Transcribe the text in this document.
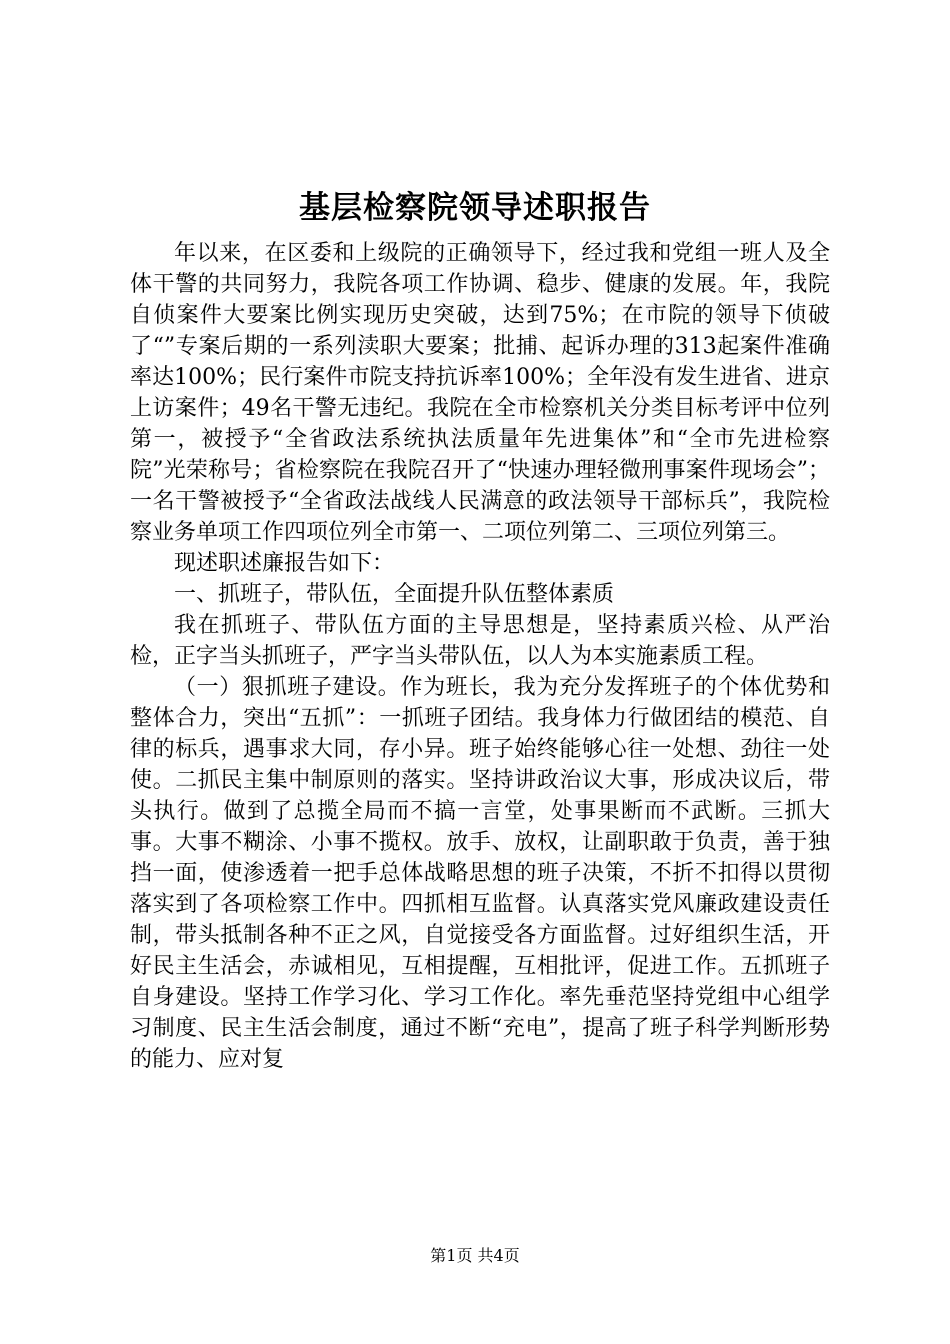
基层检察院领导述职报告

年以来，在区委和上级院的正确领导下，经过我和党组一班人及全体干警的共同努力，我院各项工作协调、稳步、健康的发展。年，我院自侦案件大要案比例实现历史突破，达到75%；在市院的领导下侦破了“”专案后期的一系列渎职大要案；批捕、起诉办理的313起案件准确率达100%；民行案件市院支持抗诉率100%；全年没有发生进省、进京上访案件；49名干警无违纪。我院在全市检察机关分类目标考评中位列第一，被授予“全省政法系统执法质量年先进集体”和“全市先进检察院”光荣称号；省检察院在我院召开了“快速办理轻微刑事案件现场会”；一名干警被授予“全省政法战线人民满意的政法领导干部标兵”，我院检察业务单项工作四项位列全市第一、二项位列第二、三项位列第三。

现述职述廉报告如下：

一、抓班子，带队伍，全面提升队伍整体素质

我在抓班子、带队伍方面的主导思想是，坚持素质兴检、从严治检，正字当头抓班子，严字当头带队伍，以人为本实施素质工程。

（一）狠抓班子建设。作为班长，我为充分发挥班子的个体优势和整体合力，突出“五抓”：一抓班子团结。我身体力行做团结的模范、自律的标兵，遇事求大同，存小异。班子始终能够心往一处想、劲往一处使。二抓民主集中制原则的落实。坚持讲政治议大事，形成决议后，带头执行。做到了总揽全局而不搞一言堂，处事果断而不武断。三抓大事。大事不糊涂、小事不揽权。放手、放权，让副职敢于负责，善于独挡一面，使渗透着一把手总体战略思想的班子决策，不折不扣得以贯彻落实到了各项检察工作中。四抓相互监督。认真落实党风廉政建设责任制，带头抵制各种不正之风，自觉接受各方面监督。过好组织生活，开好民主生活会，赤诚相见，互相提醒，互相批评，促进工作。五抓班子自身建设。坚持工作学习化、学习工作化。率先垂范坚持党组中心组学习制度、民主生活会制度，通过不断“充电”，提高了班子科学判断形势的能力、应对复

第1页 共4页
